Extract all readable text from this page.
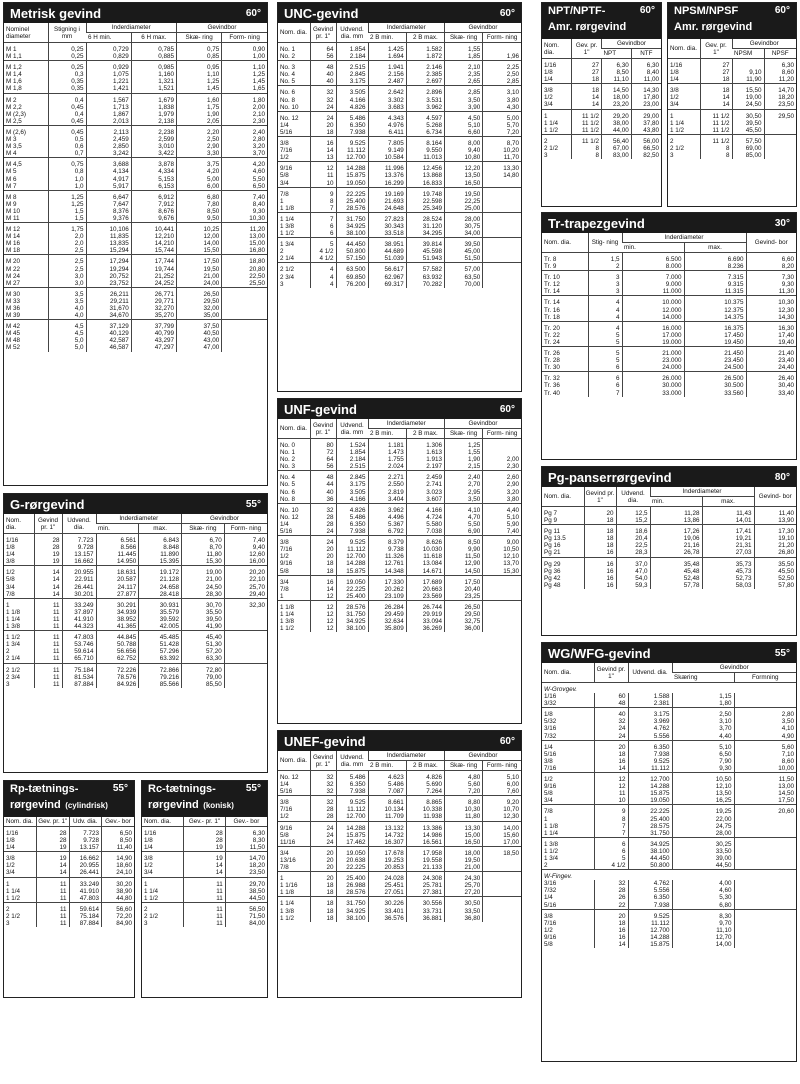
Metrisk gevind	60°
Nominel diameter	Stigning i mm	Inderdiameter		Gevindbor	
		6 H min.	6 H max.	Skæ- ring	Form- ning
M 1	0,25	0,729	0,785	0,75	0,90
M 1,1	0,25	0,829	0,885	0,85	1,00
M 1,2	0,25	0,929	0,985	0,95	1,10
M 1,4	0,3	1,075	1,160	1,10	1,25
M 1,6	0,35	1,221	1,321	1,25	1,45
M 1,8	0,35	1,421	1,521	1,45	1,65
M 2	0,4	1,567	1,679	1,60	1,80
M 2,2	0,45	1,713	1,838	1,75	2,00
M (2,3)	0,4	1,867	1,979	1,90	2,10
M 2,5	0,45	2,013	2,138	2,05	2,30
M (2,6)	0,45	2,113	2,238	2,20	2,40
M 3	0,5	2,459	2,599	2,50	2,80
M 3,5	0,6	2,850	3,010	2,90	3,20
M 4	0,7	3,242	3,422	3,30	3,70
M 4,5	0,75	3,688	3,878	3,75	4,20
M 5	0,8	4,134	4,334	4,20	4,60
M 6	1,0	4,917	5,153	5,00	5,50
M 7	1,0	5,917	6,153	6,00	6,50
M 8	1,25	6,647	6,912	6,80	7,40
M 9	1,25	7,647	7,912	7,80	8,40
M 10	1,5	8,376	8,676	8,50	9,30
M 11	1,5	9,376	9,676	9,50	10,30
M 12	1,75	10,106	10,441	10,25	11,20
M 14	2,0	11,835	12,210	12,00	13,00
M 16	2,0	13,835	14,210	14,00	15,00
M 18	2,5	15,294	15,744	15,50	16,80
M 20	2,5	17,294	17,744	17,50	18,80
M 22	2,5	19,294	19,744	19,50	20,80
M 24	3,0	20,752	21,252	21,00	22,50
M 27	3,0	23,752	24,252	24,00	25,50
M 30	3,5	26,211	26,771	26,50	
M 33	3,5	29,211	29,771	29,50	
M 36	4,0	31,670	32,270	32,00	
M 39	4,0	34,670	35,270	35,00	
M 42	4,5	37,129	37,799	37,50	
M 45	4,5	40,129	40,799	40,50	
M 48	5,0	42,587	43,297	43,00	
M 52	5,0	46,587	47,297	47,00	
G-rørgevind	55°
Nom. dia.	Gevind pr. 1"	Udvend. dia.	Inderdiameter		Gevindbor	
			min.	max.	Skæ- ring	Form- ning
1/16	28	7.723	6.561	6.843	6,70	7,40
1/8	28	9.728	8.566	8.848	8,70	9,40
1/4	19	13.157	11.445	11.890	11,80	12,60
3/8	19	16.662	14.950	15.395	15,30	16,00
1/2	14	20.955	18.631	19.172	19,00	20,20
5/8	14	22.911	20.587	21.128	21,00	22,10
3/4	14	26.441	24.117	24.658	24,50	25,70
7/8	14	30.201	27.877	28.418	28,30	29,40
1	11	33.249	30.291	30.931	30,70	32,30
1 1/8	11	37.897	34.939	35.579	35,50	
1 1/4	11	41.910	38.952	39.592	39,50	
1 3/8	11	44.323	41.365	42.005	41,90	
1 1/2	11	47.803	44.845	45.485	45,40	
1 3/4	11	53.746	50.788	51.428	51,30	
2	11	59.614	56.656	57.296	57,20	
2 1/4	11	65.710	62.752	63.392	63,30	
2 1/2	11	75.184	72.226	72.866	72,80	
2 3/4	11	81.534	78.576	79.216	79,00	
3	11	87.884	84.926	85.566	85,50	
Rp-tætnings-
rørgevind (cylindrisk)
55°
Nom. dia.	Gev. pr. 1"	Udv. dia.	Gev.- bor
1/16	28	7.723	6,50
1/8	28	9.728	8,50
1/4	19	13.157	11,40
3/8	19	16.662	14,90
1/2	14	20.955	18,60
3/4	14	26.441	24,10
1	11	33.249	30,20
1 1/4	11	41.910	38,90
1 1/2	11	47.803	44,80
2	11	59.614	56,60
2 1/2	11	75.184	72,20
3	11	87.884	84,90
Rc-tætnings-
rørgevind (konisk)
55°
Nom. dia.	Gev.- pr. 1"	Gev.- bor
1/16	28	6,30
1/8	28	8,30
1/4	19	11,50
3/8	19	14,70
1/2	14	18,20
3/4	14	23,50
1	11	29,70
1 1/4	11	38,50
1 1/2	11	44,50
2	11	56,50
2 1/2	11	71,50
3	11	84,00
UNC-gevind	60°
Nom. dia.	Gevind pr. 1"	Udvend. dia. mm	Inderdiameter		Gevindbor	
			2 B min.	2 B max.	Skæ- ring	Form- ning
No. 1	64	1.854	1.425	1.582	1,55	
No. 2	56	2.184	1.694	1.872	1,85	1,96
No. 3	48	2.515	1.941	2.146	2,10	2,25
No. 4	40	2.845	2.156	2.385	2,35	2,50
No. 5	40	3.175	2.487	2.697	2,65	2,85
No. 6	32	3.505	2.642	2.896	2,85	3,10
No. 8	32	4.166	3.302	3.531	3,50	3,80
No. 10	24	4.826	3.683	3.962	3,90	4,30
No. 12	24	5.486	4.343	4.597	4,50	5,00
1/4	20	6.350	4.976	5.268	5,10	5,70
5/16	18	7.938	6.411	6.734	6,60	7,20
3/8	16	9.525	7.805	8.164	8,00	8,70
7/16	14	11.112	9.149	9.550	9,40	10,20
1/2	13	12.700	10.584	11.013	10,80	11,70
9/16	12	14.288	11.996	12.456	12,20	13,30
5/8	11	15.875	13.376	13.868	13,50	14,80
3/4	10	19.050	16.299	16.833	16,50	
7/8	9	22.225	19.169	19.748	19,50	
1	8	25.400	21.693	22.598	22,25	
1 1/8	7	28.576	24.648	25.349	25,00	
1 1/4	7	31.750	27.823	28.524	28,00	
1 3/8	6	34.925	30.343	31.120	30,75	
1 1/2	6	38.100	33.518	34.295	34,00	
1 3/4	5	44.450	38.951	39.814	39,50	
2	4 1/2	50.800	44.689	45.598	45,00	
2 1/4	4 1/2	57.150	51.039	51.943	51,50	
2 1/2	4	63.500	56.617	57.582	57,00	
2 3/4	4	69.850	62.967	63.932	63,50	
3	4	76.200	69.317	70.282	70,00	
UNF-gevind	60°
Nom. dia.	Gevind pr. 1"	Udvend. dia. mm	Inderdiameter		Gevindbor	
			2 B min.	2 B max.	Skæ- ring	Form- ning
No. 0	80	1.524	1.181	1.306	1,25	
No. 1	72	1.854	1.473	1.613	1,55	
No. 2	64	2.184	1.755	1.913	1,90	2,00
No. 3	56	2.515	2.024	2.197	2,15	2,30
No. 4	48	2.845	2.271	2.459	2,40	2,60
No. 5	44	3.175	2.550	2.741	2,70	2,90
No. 6	40	3.505	2.819	3.023	2,95	3,20
No. 8	36	4.166	3.404	3.607	3,50	3,80
No. 10	32	4.826	3.962	4.166	4,10	4,40
No. 12	28	5.486	4.496	4.724	4,70	5,10
1/4	28	6.350	5.367	5.580	5,50	5,90
5/16	24	7.938	6.792	7.038	6,90	7,40
3/8	24	9.525	8.379	8.626	8,50	9,00
7/16	20	11.112	9.738	10.030	9,90	10,50
1/2	20	12.700	11.326	11.618	11,50	12,10
9/16	18	14.288	12.761	13.084	12,90	13,70
5/8	18	15.875	14.348	14.671	14,50	15,30
3/4	16	19.050	17.330	17.689	17,50	
7/8	14	22.225	20.262	20.663	20,40	
1	12	25.400	23.109	23.569	23,25	
1 1/8	12	28.576	26.284	26.744	26,50	
1 1/4	12	31.750	29.459	29.919	29,50	
1 3/8	12	34.925	32.634	33.094	32,75	
1 1/2	12	38.100	35.809	36.269	36,00	
UNEF-gevind	60°
Nom. dia.	Gevind pr. 1"	Udvend. dia. mm	Inderdiameter		Gevindbor	
			2 B min.	2 B max.	Skæ- ring	Form- ning
No. 12	32	5.486	4.623	4.826	4,80	5,10
1/4	32	6.350	5.486	5.690	5,60	6,00
5/16	32	7.938	7.087	7.264	7,20	7,60
3/8	32	9.525	8.661	8.865	8,80	9,20
7/16	28	11.112	10.134	10.338	10,30	10,70
1/2	28	12.700	11.709	11.938	11,80	12,30
9/16	24	14.288	13.132	13.386	13,30	14,00
5/8	24	15.875	14.732	14.986	15,00	15,60
11/16	24	17.462	16.307	16.561	16,50	17,00
3/4	20	19.050	17.678	17.958	18,00	18,50
13/16	20	20.638	19.253	19.558	19,50	
7/8	20	22.225	20.853	21.133	21,00	
1	20	25.400	24.028	24.308	24,30	
1 1/16	18	26.988	25.451	25.781	25,70	
1 1/8	18	28.576	27.051	27.381	27,20	
1 1/4	18	31.750	30.226	30.556	30,50	
1 3/8	18	34.925	33.401	33.731	33,50	
1 1/2	18	38.100	36.576	36.881	36,80	
NPT/NPTF-
Amr. rørgevind
60°
Nom. dia.	Gev. pr. 1"	Gevindbor	
		NPT	NTF
1/16	27	6,30	6,30
1/8	27	8,50	8,40
1/4	18	11,10	11,00
3/8	18	14,50	14,30
1/2	14	18,00	17,80
3/4	14	23,20	23,00
1	11 1/2	29,20	29,00
1 1/4	11 1/2	38,00	37,80
1 1/2	11 1/2	44,00	43,80
2	11 1/2	56,40	56,00
2 1/2	8	67,00	66,50
3	8	83,00	82,50
NPSM/NPSF
Amr. rørgevind
60°
Nom. dia.	Gev. pr. 1"	Gevindbor	
		NPSM	NPSF
1/16	27		6,30
1/8	27	9,10	8,60
1/4	18	11,90	11,20
3/8	18	15,50	14,70
1/2	14	19,00	18,20
3/4	14	24,50	23,50
1	11 1/2	30,50	29,50
1 1/4	11 1/2	39,50	
1 1/2	11 1/2	45,50	
2	11 1/2	57,50	
2 1/2	8	69,00	
3	8	85,00	
Tr-trapezgevind	30°
Nom. dia.	Stig- ning	Inderdiameter		Gevind- bor
		min.	max.	
Tr. 8	1,5	6.500	6.690	6,60
Tr. 9	2	8.000	8.236	8,20
Tr. 10	3	7.000	7.315	7,30
Tr. 12	3	9.000	9.315	9,30
Tr. 14	3	11.000	11.315	11,30
Tr. 14	4	10.000	10.375	10,30
Tr. 16	4	12.000	12.375	12,30
Tr. 18	4	14.000	14.375	14,30
Tr. 20	4	16.000	16.375	16,30
Tr. 22	5	17.000	17.450	17,40
Tr. 24	5	19.000	19.450	19,40
Tr. 26	5	21.000	21.450	21,40
Tr. 28	5	23.000	23.450	23,40
Tr. 30	6	24.000	24.500	24,40
Tr. 32	6	26.000	26.500	26,40
Tr. 36	6	30.000	30.500	30,40
Tr. 40	7	33.000	33.560	33,40
Pg-panserrørgevind	80°
Nom. dia.	Gevind pr. 1"	Udvend. dia.	Inderdiameter		Gevind- bor
			min.	max.	
Pg 7	20	12,5	11,28	11,43	11,40
Pg 9	18	15,2	13,86	14,01	13,90
Pg 11	18	18,6	17,26	17,41	17,30
Pg 13.5	18	20,4	19,06	19,21	19,10
Pg 16	18	22,5	21,16	21,31	21,20
Pg 21	16	28,3	26,78	27,03	26,80
Pg 29	16	37,0	35,48	35,73	35,50
Pg 36	16	47,0	45,48	45,73	45,50
Pg 42	16	54,0	52,48	52,73	52,50
Pg 48	16	59,3	57,78	58,03	57,80
WG/WFG-gevind	55°
Nom. dia.	Gevind pr. 1"	Udvend. dia.	Gevindbor	
			Skæring	Formning
W-Grovgev.				
1/16	60	1.588	1,15	
3/32	48	2.381	1,80	
1/8	40	3.175	2,50	2,80
5/32	32	3.969	3,10	3,50
3/16	24	4.762	3,70	4,10
7/32	24	5.556	4,40	4,90
1/4	20	6.350	5,10	5,60
5/16	18	7.938	6,50	7,10
3/8	16	9.525	7,90	8,60
7/16	14	11.112	9,30	10,00
1/2	12	12.700	10,50	11,50
9/16	12	14.288	12,10	13,00
5/8	11	15.875	13,50	14,50
3/4	10	19.050	16,25	17,50
7/8	9	22.225	19,25	20,60
1	8	25.400	22,00	
1 1/8	7	28.575	24,75	
1 1/4	7	31.750	28,00	
1 3/8	6	34.925	30,25	
1 1/2	6	38.100	33,50	
1 3/4	5	44.450	39,00	
2	4 1/2	50.800	44,50	
W-Fingev.				
3/16	32	4.762	4,00	
7/32	28	5.556	4,60	
1/4	26	6.350	5,30	
5/16	22	7.938	6,80	
3/8	20	9.525	8,30	
7/16	18	11.112	9,70	
1/2	16	12.700	11,10	
9/16	16	14.288	12,70	
5/8	14	15.875	14,00	
